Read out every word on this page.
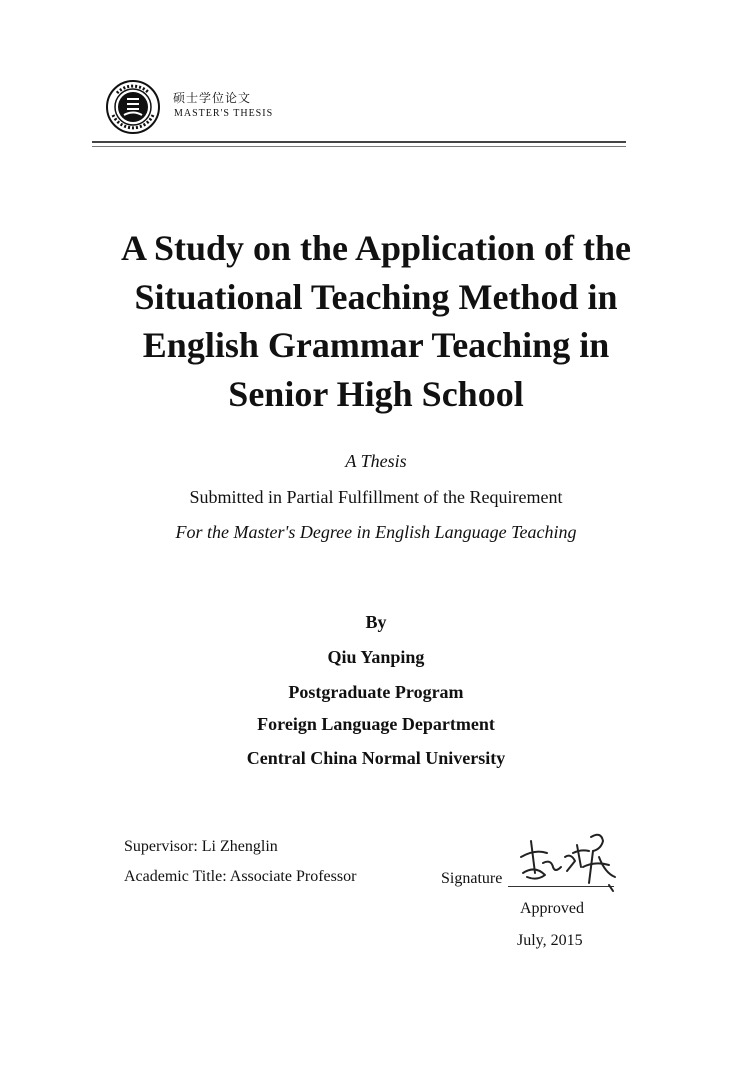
硕士学位论文
MASTER'S THESIS
A Study on the Application of the
Situational Teaching Method in
English Grammar Teaching in
Senior High School
A Thesis
Submitted in Partial Fulfillment of the Requirement
For the Master's Degree in English Language Teaching
By
Qiu Yanping
Postgraduate Program
Foreign Language Department
Central China Normal University
Supervisor: Li Zhenglin
Academic Title: Associate Professor	Signature
Approved
July, 2015
